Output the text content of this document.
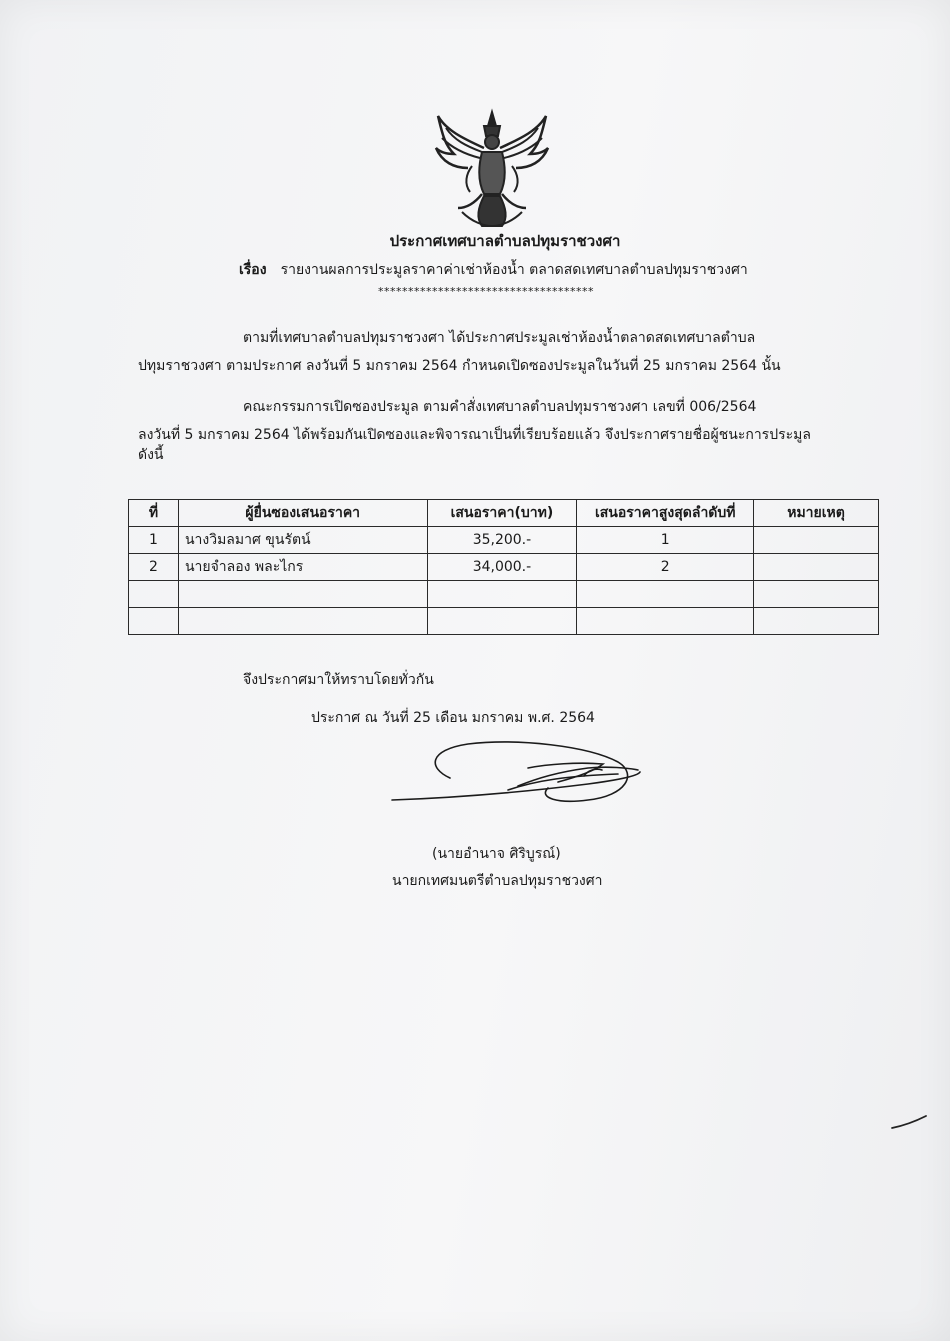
ประกาศเทศบาลตำบลปทุมราชวงศา
เรื่อง รายงานผลการประมูลราคาค่าเช่าห้องน้ำ ตลาดสดเทศบาลตำบลปทุมราชวงศา
************************************
ตามที่เทศบาลตำบลปทุมราชวงศา ได้ประกาศประมูลเช่าห้องน้ำตลาดสดเทศบาลตำบล
ปทุมราชวงศา ตามประกาศ ลงวันที่ 5 มกราคม 2564 กำหนดเปิดซองประมูลในวันที่ 25 มกราคม 2564 นั้น
คณะกรรมการเปิดซองประมูล ตามคำสั่งเทศบาลตำบลปทุมราชวงศา เลขที่ 006/2564
ลงวันที่ 5 มกราคม 2564 ได้พร้อมกันเปิดซองและพิจารณาเป็นที่เรียบร้อยแล้ว จึงประกาศรายชื่อผู้ชนะการประมูล
ดังนี้
ที่	ผู้ยื่นซองเสนอราคา	เสนอราคา(บาท)	เสนอราคาสูงสุดลำดับที่	หมายเหตุ
1	นางวิมลมาศ ขุนรัตน์	35,200.-	1	
2	นายจำลอง พละไกร	34,000.-	2	

จึงประกาศมาให้ทราบโดยทั่วกัน
ประกาศ ณ วันที่ 25 เดือน มกราคม พ.ศ. 2564
(นายอำนาจ ศิริบูรณ์)
นายกเทศมนตรีตำบลปทุมราชวงศา
